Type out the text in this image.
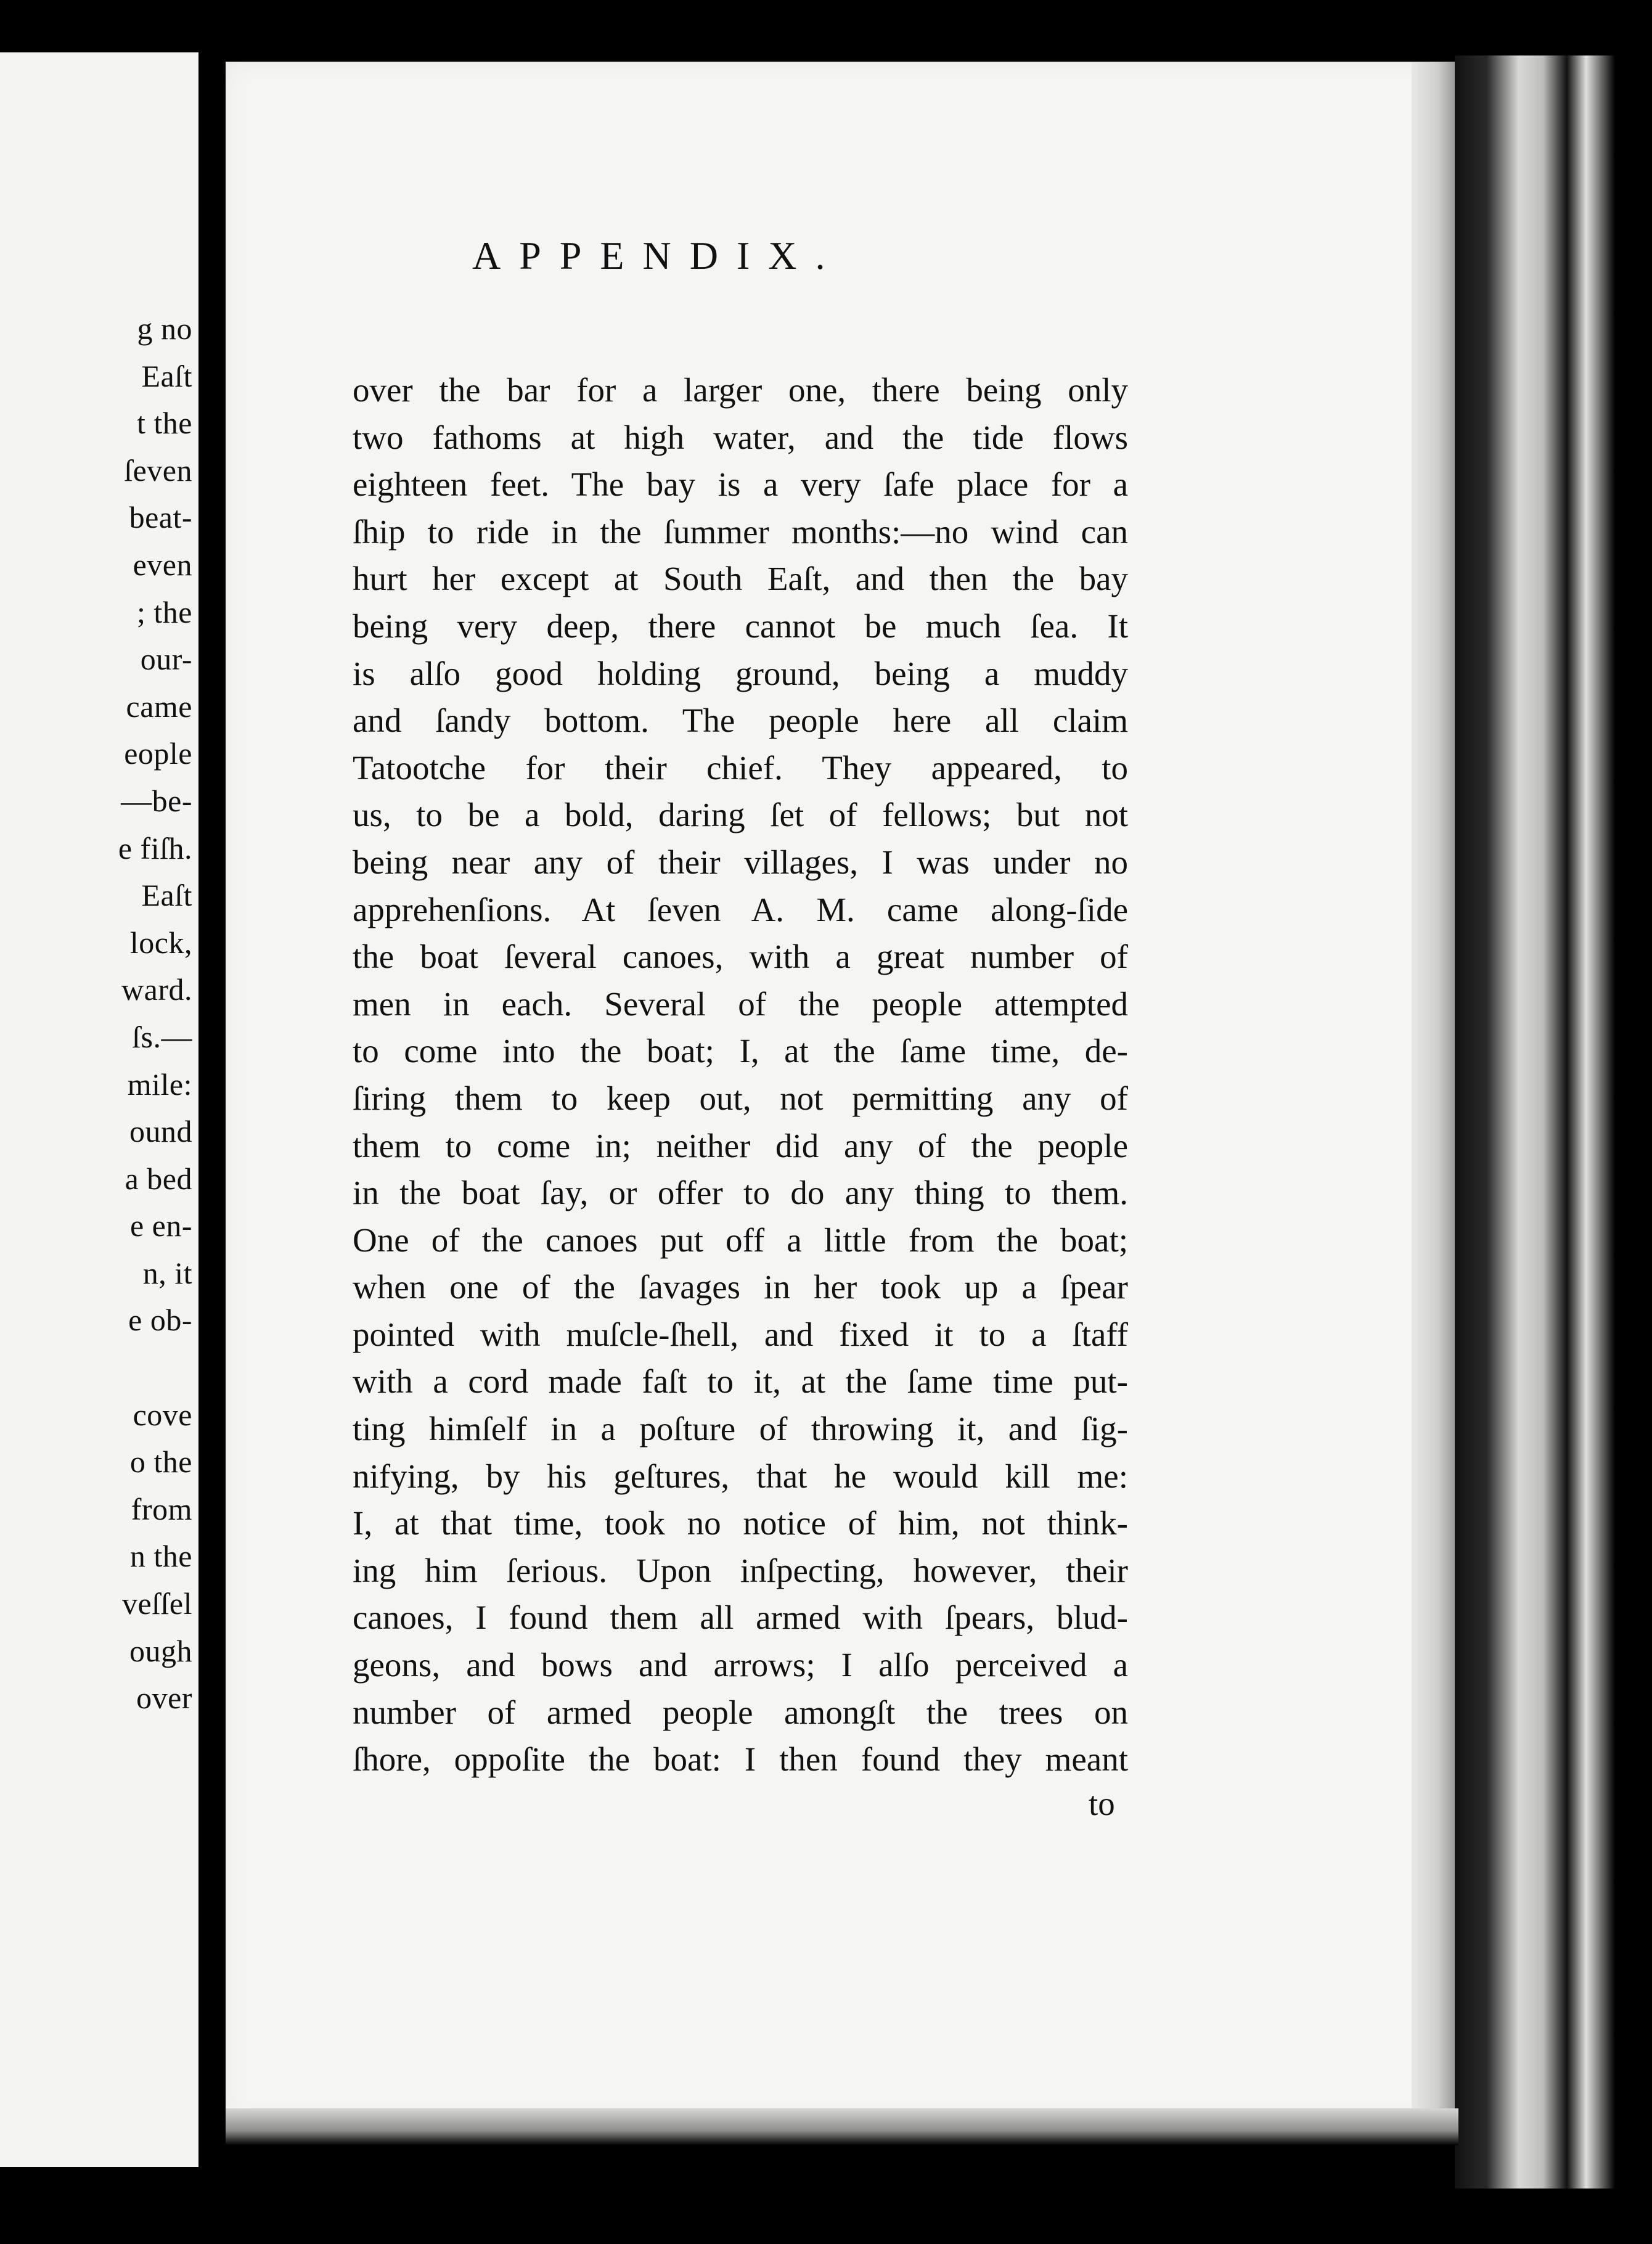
g no
Eaſt
t the
ſeven
beat-
even
; the
our-
came
eople
—be-
e fiſh.
Eaſt
lock,
ward.
ſs.—
mile:
ound
a bed
e en-
n, it
e ob-
cove
o the
from
n the
veſſel
ough
over
APPENDIX.
over the bar for a larger one, there being only
two fathoms at high water, and the tide flows
eighteen feet. The bay is a very ſafe place for a
ſhip to ride in the ſummer months:—no wind can
hurt her except at South Eaſt, and then the bay
being very deep, there cannot be much ſea. It
is alſo good holding ground, being a muddy
and ſandy bottom. The people here all claim
Tatootche for their chief. They appeared, to
us, to be a bold, daring ſet of fellows; but not
being near any of their villages, I was under no
apprehenſions. At ſeven A. M. came along-ſide
the boat ſeveral canoes, with a great number of
men in each. Several of the people attempted
to come into the boat; I, at the ſame time, de-
ſiring them to keep out, not permitting any of
them to come in; neither did any of the people
in the boat ſay, or offer to do any thing to them.
One of the canoes put off a little from the boat;
when one of the ſavages in her took up a ſpear
pointed with muſcle-ſhell, and fixed it to a ſtaff
with a cord made faſt to it, at the ſame time put-
ting himſelf in a poſture of throwing it, and ſig-
nifying, by his geſtures, that he would kill me:
I, at that time, took no notice of him, not think-
ing him ſerious. Upon inſpecting, however, their
canoes, I found them all armed with ſpears, blud-
geons, and bows and arrows; I alſo perceived a
number of armed people amongſt the trees on
ſhore, oppoſite the boat: I then found they meant
to
